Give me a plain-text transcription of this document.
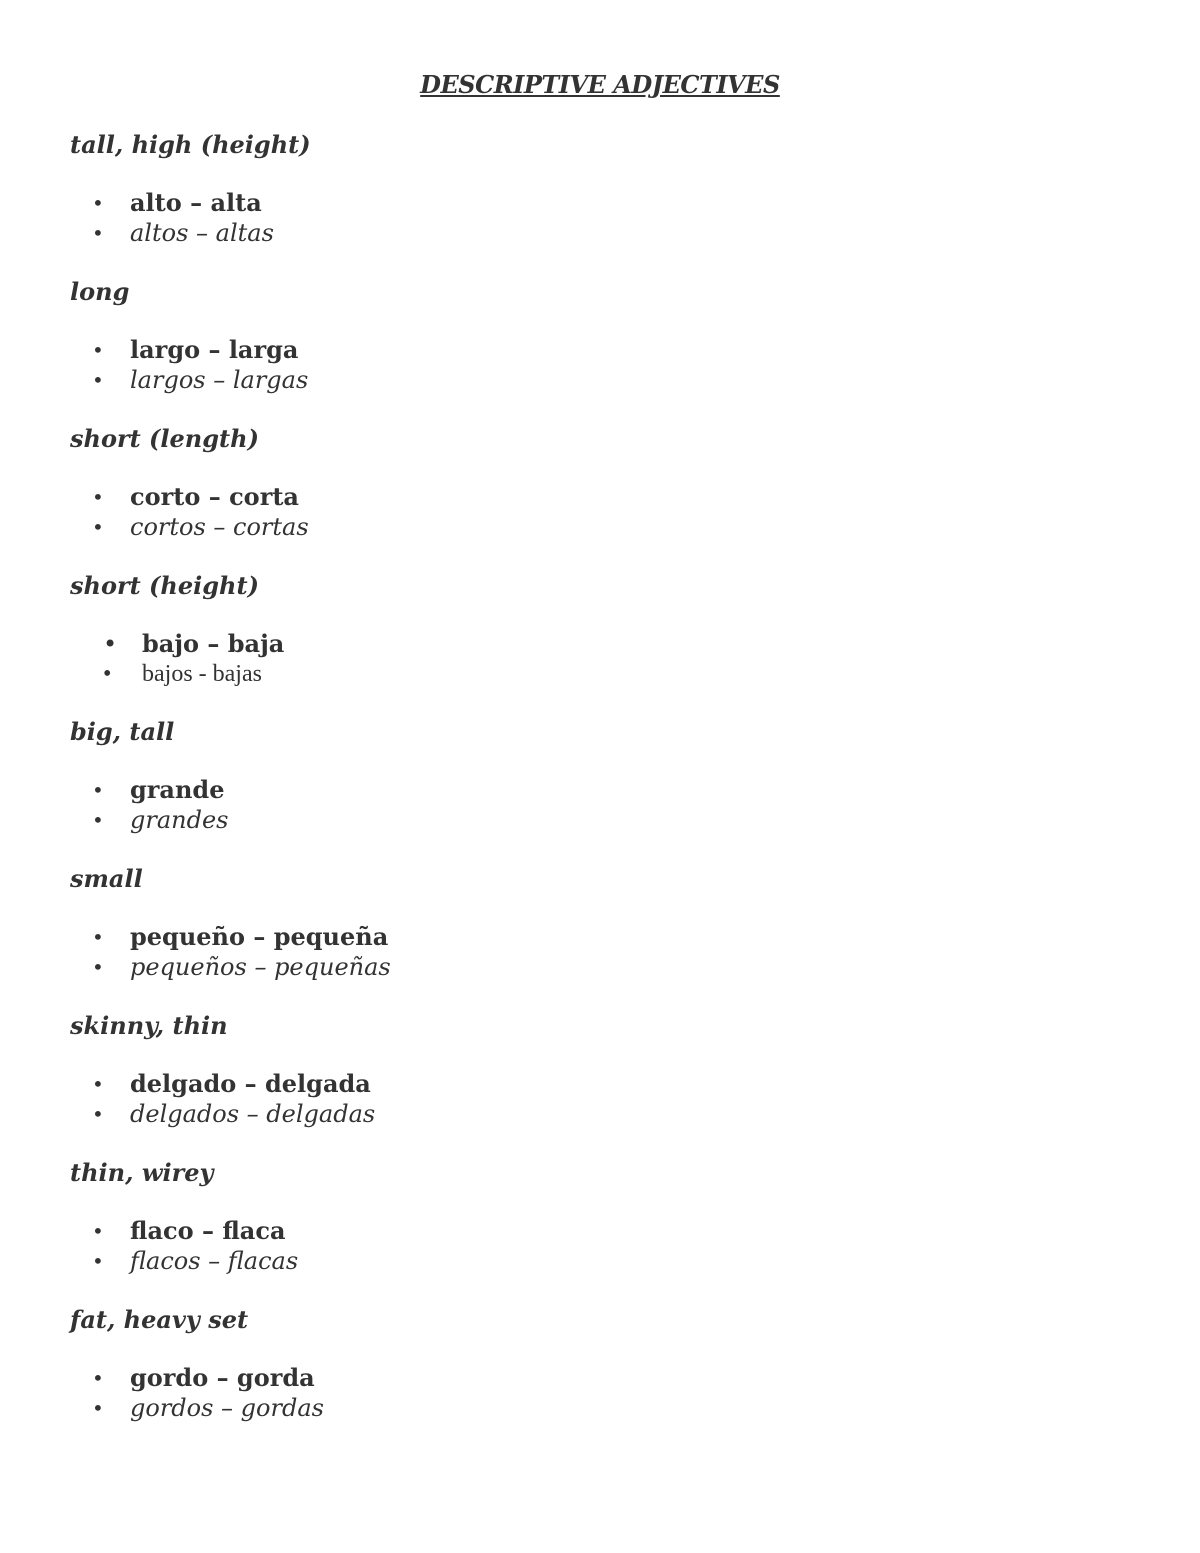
DESCRIPTIVE ADJECTIVES
tall, high (height)
• alto – alta
• altos – altas
long
• largo – larga
• largos – largas
short (length)
• corto – corta
• cortos – cortas
short (height)
• bajo – baja
• bajos - bajas
big, tall
• grande
• grandes
small
• pequeño – pequeña
• pequeños – pequeñas
skinny, thin
• delgado – delgada
• delgados – delgadas
thin, wirey
• flaco – flaca
• flacos – flacas
fat, heavy set
• gordo – gorda
• gordos – gordas
